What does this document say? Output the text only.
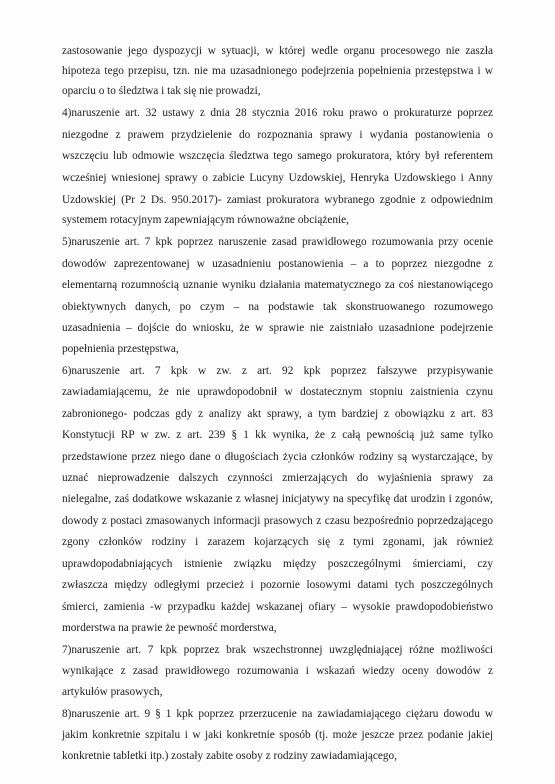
zastosowanie jego dyspozycji w sytuacji, w której wedle organu procesowego nie zaszła
hipoteza tego przepisu, tzn. nie ma uzasadnionego podejrzenia popełnienia przestępstwa i w
oparciu o to śledztwa i tak się nie prowadzi,
4)naruszenie art. 32 ustawy z dnia 28 stycznia 2016 roku prawo o prokuraturze poprzez
niezgodne z prawem przydzielenie do rozpoznania sprawy i wydania postanowienia o
wszczęciu lub odmowie wszczęcia śledztwa tego samego prokuratora, który był referentem
wcześniej wniesionej sprawy o zabicie Lucyny Uzdowskiej, Henryka Uzdowskiego i Anny
Uzdowskiej (Pr 2 Ds. 950.2017)- zamiast prokuratora wybranego zgodnie z odpowiednim
systemem rotacyjnym zapewniającym równoważne obciążenie,
5)naruszenie art. 7 kpk poprzez naruszenie zasad prawidłowego rozumowania przy ocenie
dowodów zaprezentowanej w uzasadnieniu postanowienia – a to poprzez niezgodne z
elementarną rozumnością uznanie wyniku działania matematycznego za coś niestanowiącego
obiektywnych danych, po czym – na podstawie tak skonstruowanego rozumowego
uzasadnienia – dojście do wniosku, że w sprawie nie zaistniało uzasadnione podejrzenie
popełnienia przestępstwa,
6)naruszenie art. 7 kpk w zw. z art. 92 kpk poprzez fałszywe przypisywanie
zawiadamiającemu, że nie uprawdopodobnił w dostatecznym stopniu zaistnienia czynu
zabronionego- podczas gdy z analizy akt sprawy, a tym bardziej z obowiązku z art. 83
Konstytucji RP w zw. z art. 239 § 1 kk wynika, że z całą pewnością już same tylko
przedstawione przez niego dane o długościach życia członków rodziny są wystarczające, by
uznać nieprowadzenie dalszych czynności zmierzających do wyjaśnienia sprawy za
nielegalne, zaś dodatkowe wskazanie z własnej inicjatywy na specyfikę dat urodzin i zgonów,
dowody z postaci zmasowanych informacji prasowych z czasu bezpośrednio poprzedzającego
zgony członków rodziny i zarazem kojarzących się z tymi zgonami, jak również
uprawdopodabniających istnienie związku między poszczególnymi śmierciami, czy
zwłaszcza między odległymi przecież i pozornie losowymi datami tych poszczególnych
śmierci, zamienia -w przypadku każdej wskazanej ofiary – wysokie prawdopodobieństwo
morderstwa na prawie że pewność morderstwa,
7)naruszenie art. 7 kpk poprzez brak wszechstronnej uwzględniającej różne możliwości
wynikające z zasad prawidłowego rozumowania i wskazań wiedzy oceny dowodów z
artykułów prasowych,
8)naruszenie art. 9 § 1 kpk poprzez przerzucenie na zawiadamiającego ciężaru dowodu w
jakim konkretnie szpitalu i w jaki konkretnie sposób (tj. może jeszcze przez podanie jakiej
konkretnie tabletki itp.) zostały zabite osoby z rodziny zawiadamiającego,
